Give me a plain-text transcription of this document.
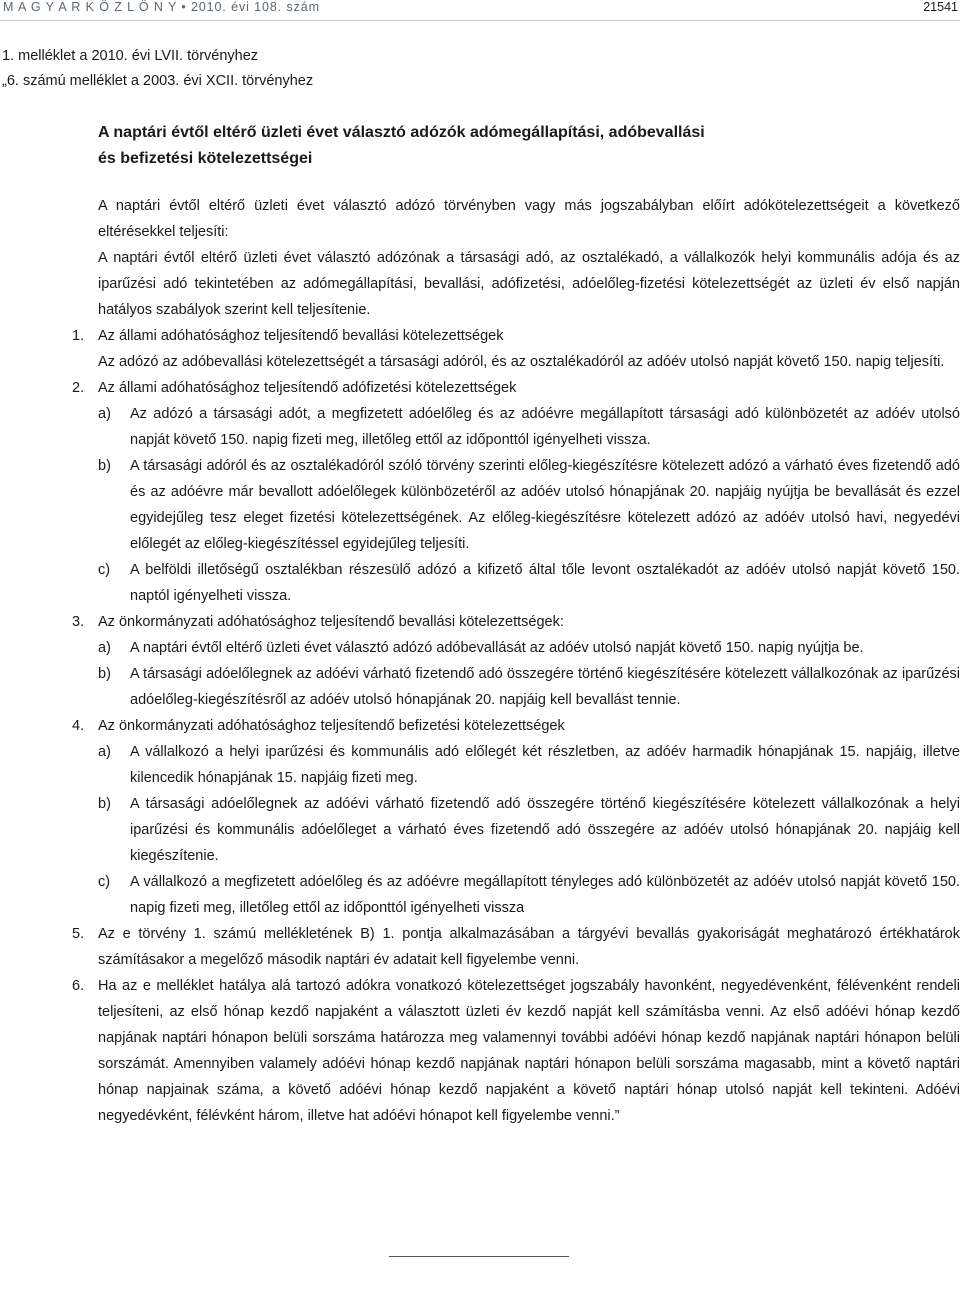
M A G Y A R K Ö Z L Ö N Y • 2010. évi 108. szám	21541
1. melléklet a 2010. évi LVII. törvényhez
„6. számú melléklet a 2003. évi XCII. törvényhez
A naptári évtől eltérő üzleti évet választó adózók adómegállapítási, adóbevallási
és befizetési kötelezettségei

A naptári évtől eltérő üzleti évet választó adózó törvényben vagy más jogszabályban előírt adókötelezettségeit a következő eltérésekkel teljesíti:

A naptári évtől eltérő üzleti évet választó adózónak a társasági adó, az osztalékadó, a vállalkozók helyi kommunális adója és az iparűzési adó tekintetében az adómegállapítási, bevallási, adófizetési, adóelőleg-fizetési kötelezettségét az üzleti év első napján hatályos szabályok szerint kell teljesítenie.

1. Az állami adóhatósághoz teljesítendő bevallási kötelezettségek

Az adózó az adóbevallási kötelezettségét a társasági adóról, és az osztalékadóról az adóév utolsó napját követő 150. napig teljesíti.

2. Az állami adóhatósághoz teljesítendő adófizetési kötelezettségek

a) Az adózó a társasági adót, a megfizetett adóelőleg és az adóévre megállapított társasági adó különbözetét az adóév utolsó napját követő 150. napig fizeti meg, illetőleg ettől az időponttól igényelheti vissza.
b) A társasági adóról és az osztalékadóról szóló törvény szerinti előleg-kiegészítésre kötelezett adózó a várható éves fizetendő adó és az adóévre már bevallott adóelőlegek különbözetéről az adóév utolsó hónapjának 20. napjáig nyújtja be bevallását és ezzel egyidejűleg tesz eleget fizetési kötelezettségének. Az előleg-kiegészítésre kötelezett adózó az adóév utolsó havi, negyedévi előlegét az előleg-kiegészítéssel egyidejűleg teljesíti.
c) A belföldi illetőségű osztalékban részesülő adózó a kifizető által tőle levont osztalékadót az adóév utolsó napját követő 150. naptól igényelheti vissza.
3. Az önkormányzati adóhatósághoz teljesítendő bevallási kötelezettségek:

a) A naptári évtől eltérő üzleti évet választó adózó adóbevallását az adóév utolsó napját követő 150. napig nyújtja be.
b) A társasági adóelőlegnek az adóévi várható fizetendő adó összegére történő kiegészítésére kötelezett vállalkozónak az iparűzési adóelőleg-kiegészítésről az adóév utolsó hónapjának 20. napjáig kell bevallást tennie.
4. Az önkormányzati adóhatósághoz teljesítendő befizetési kötelezettségek

a) A vállalkozó a helyi iparűzési és kommunális adó előlegét két részletben, az adóév harmadik hónapjának 15. napjáig, illetve kilencedik hónapjának 15. napjáig fizeti meg.
b) A társasági adóelőlegnek az adóévi várható fizetendő adó összegére történő kiegészítésére kötelezett vállalkozónak a helyi iparűzési és kommunális adóelőleget a várható éves fizetendő adó összegére az adóév utolsó hónapjának 20. napjáig kell kiegészítenie.
c) A vállalkozó a megfizetett adóelőleg és az adóévre megállapított tényleges adó különbözetét az adóév utolsó napját követő 150. napig fizeti meg, illetőleg ettől az időponttól igényelheti vissza
5. Az e törvény 1. számú mellékletének B) 1. pontja alkalmazásában a tárgyévi bevallás gyakoriságát meghatározó értékhatárok számításakor a megelőző második naptári év adatait kell figyelembe venni.

6. Ha az e melléklet hatálya alá tartozó adókra vonatkozó kötelezettséget jogszabály havonként, negyedévenként, félévenként rendeli teljesíteni, az első hónap kezdő napjaként a választott üzleti év kezdő napját kell számításba venni. Az első adóévi hónap kezdő napjának naptári hónapon belüli sorszáma határozza meg valamennyi további adóévi hónap kezdő napjának naptári hónapon belüli sorszámát. Amennyiben valamely adóévi hónap kezdő napjának naptári hónapon belüli sorszáma magasabb, mint a követő naptári hónap napjainak száma, a követő adóévi hónap kezdő napjaként a követő naptári hónap utolsó napját kell tekinteni. Adóévi negyedévként, félévként három, illetve hat adóévi hónapot kell figyelembe venni.”
